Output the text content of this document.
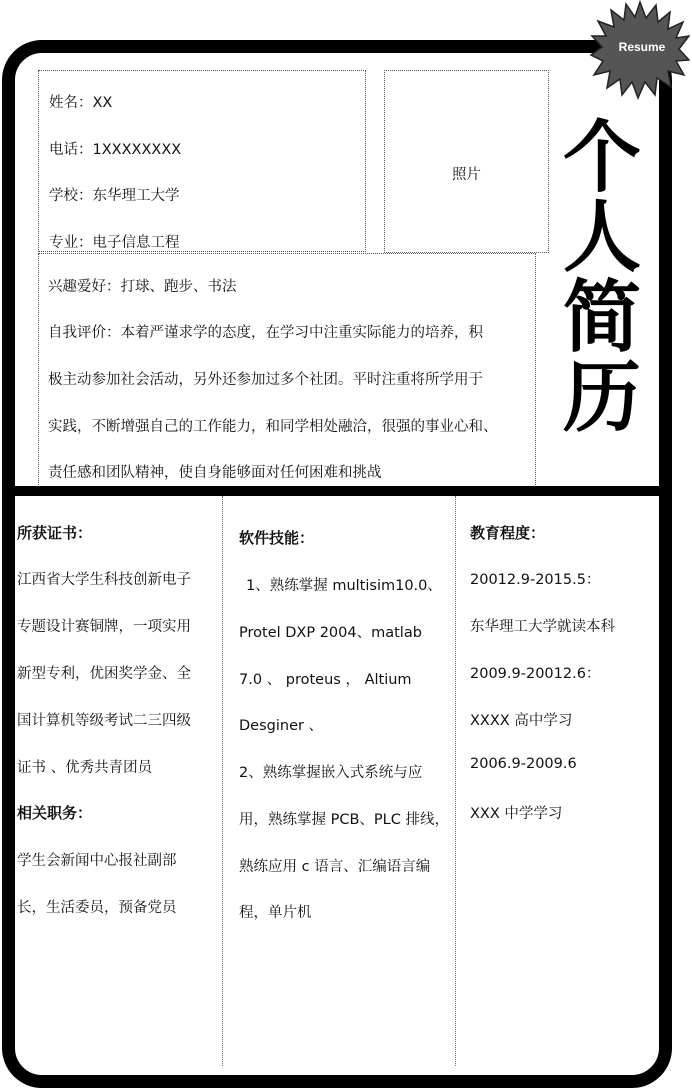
Resume
姓名：XX
电话：1XXXXXXXX
学校：东华理工大学
专业：电子信息工程
照片
兴趣爱好：打球、跑步、书法
自我评价：本着严谨求学的态度，在学习中注重实际能力的培养，积
极主动参加社会活动，另外还参加过多个社团。平时注重将所学用于
实践，不断增强自己的工作能力，和同学相处融洽，很强的事业心和、
责任感和团队精神，使自身能够面对任何困难和挑战
个
人
简
历
所获证书：
江西省大学生科技创新电子
专题设计赛铜牌，一项实用
新型专利，优困奖学金、全
国计算机等级考试二三四级
证书 、优秀共青团员
相关职务：
学生会新闻中心报社副部
长，生活委员，预备党员
软件技能：
1、熟练掌握 multisim10.0、
Protel DXP 2004、matlab
7.0 、 proteus ， Altium
Desginer 、
2、熟练掌握嵌入式系统与应
用，熟练掌握 PCB、PLC 排线，
熟练应用 c 语言、汇编语言编
程，单片机
教育程度：
20012.9-2015.5：
东华理工大学就读本科
2009.9-20012.6：
XXXX 高中学习
2006.9-2009.6
XXX 中学学习
